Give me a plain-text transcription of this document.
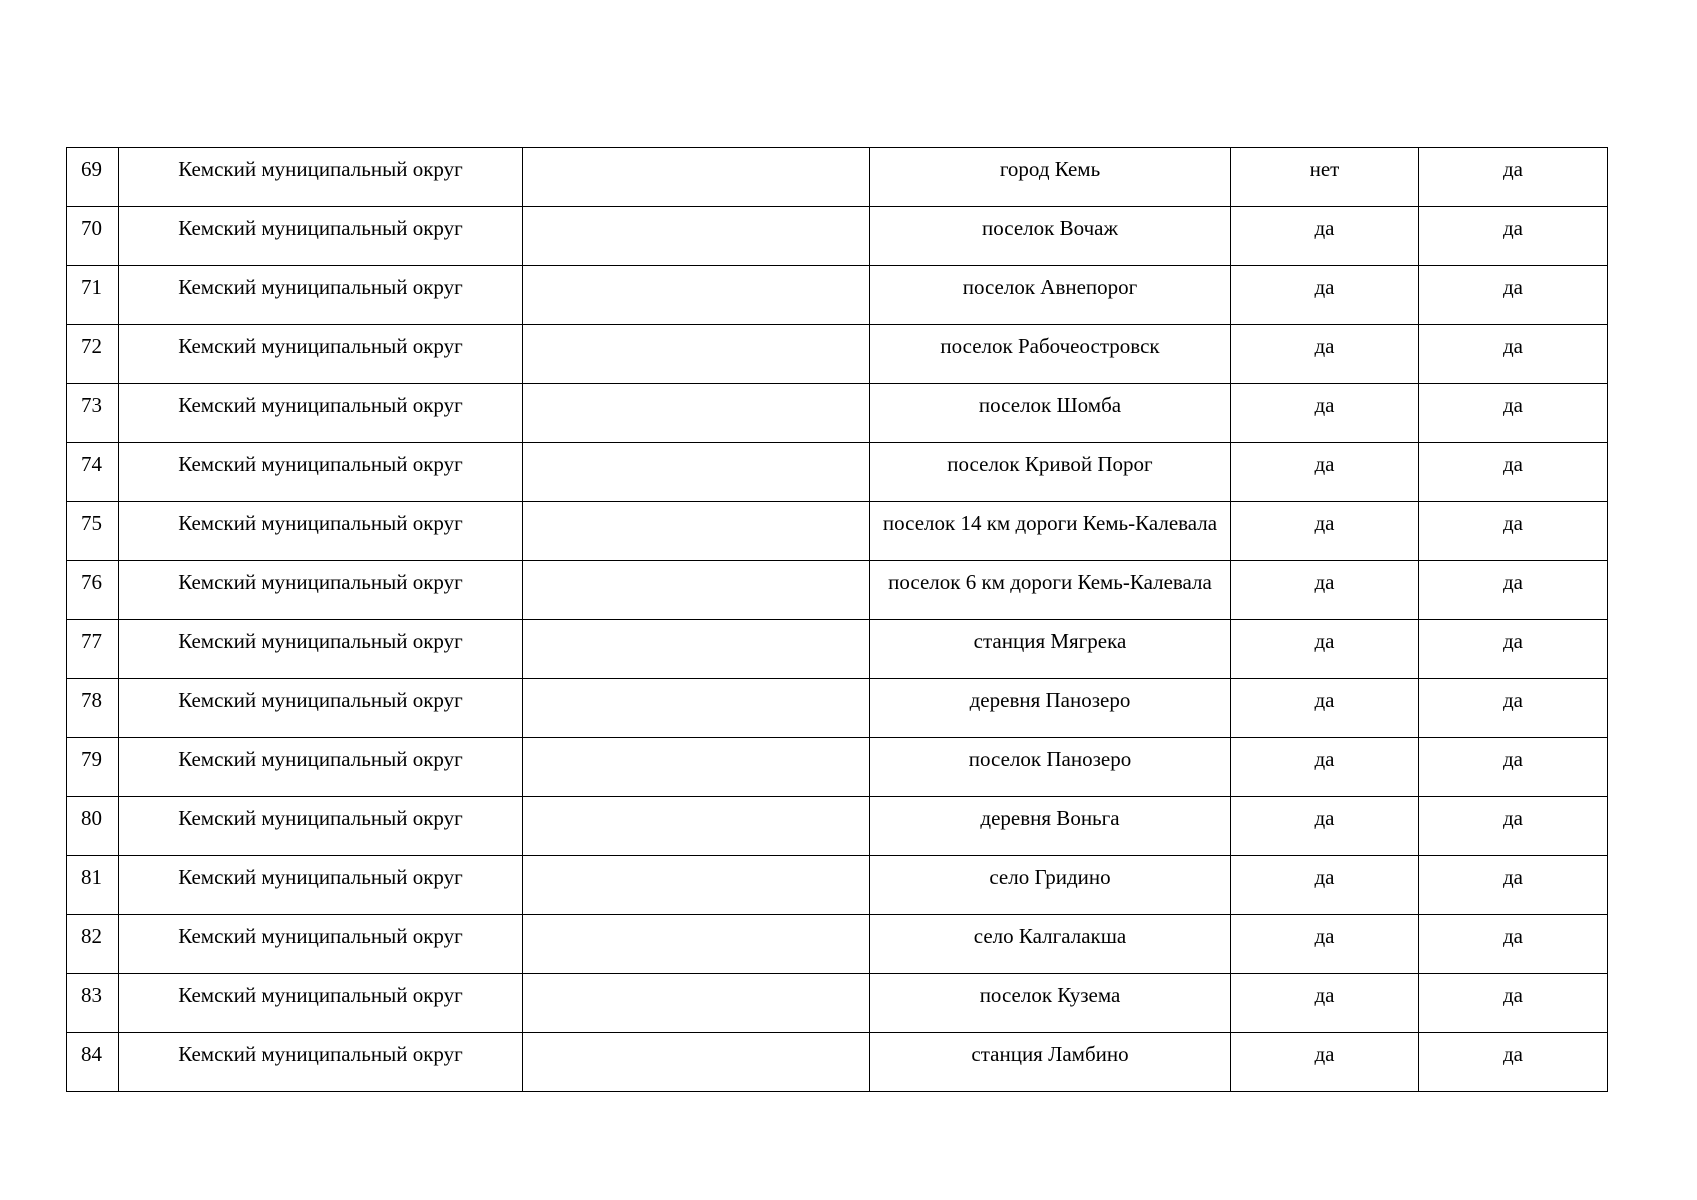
69	Кемский муниципальный округ		город Кемь	нет	да

70	Кемский муниципальный округ		поселок Вочаж	да	да

71	Кемский муниципальный округ		поселок Авнепорог	да	да

72	Кемский муниципальный округ		поселок Рабочеостровск	да	да

73	Кемский муниципальный округ		поселок Шомба	да	да

74	Кемский муниципальный округ		поселок Кривой Порог	да	да

75	Кемский муниципальный округ		поселок 14 км дороги Кемь-Калевала	да	да

76	Кемский муниципальный округ		поселок 6 км дороги Кемь-Калевала	да	да

77	Кемский муниципальный округ		станция Мягрека	да	да

78	Кемский муниципальный округ		деревня Панозеро	да	да

79	Кемский муниципальный округ		поселок Панозеро	да	да

80	Кемский муниципальный округ		деревня Воньга	да	да

81	Кемский муниципальный округ		село Гридино	да	да

82	Кемский муниципальный округ		село Калгалакша	да	да

83	Кемский муниципальный округ		поселок Кузема	да	да

84	Кемский муниципальный округ		станция Ламбино	да	да
